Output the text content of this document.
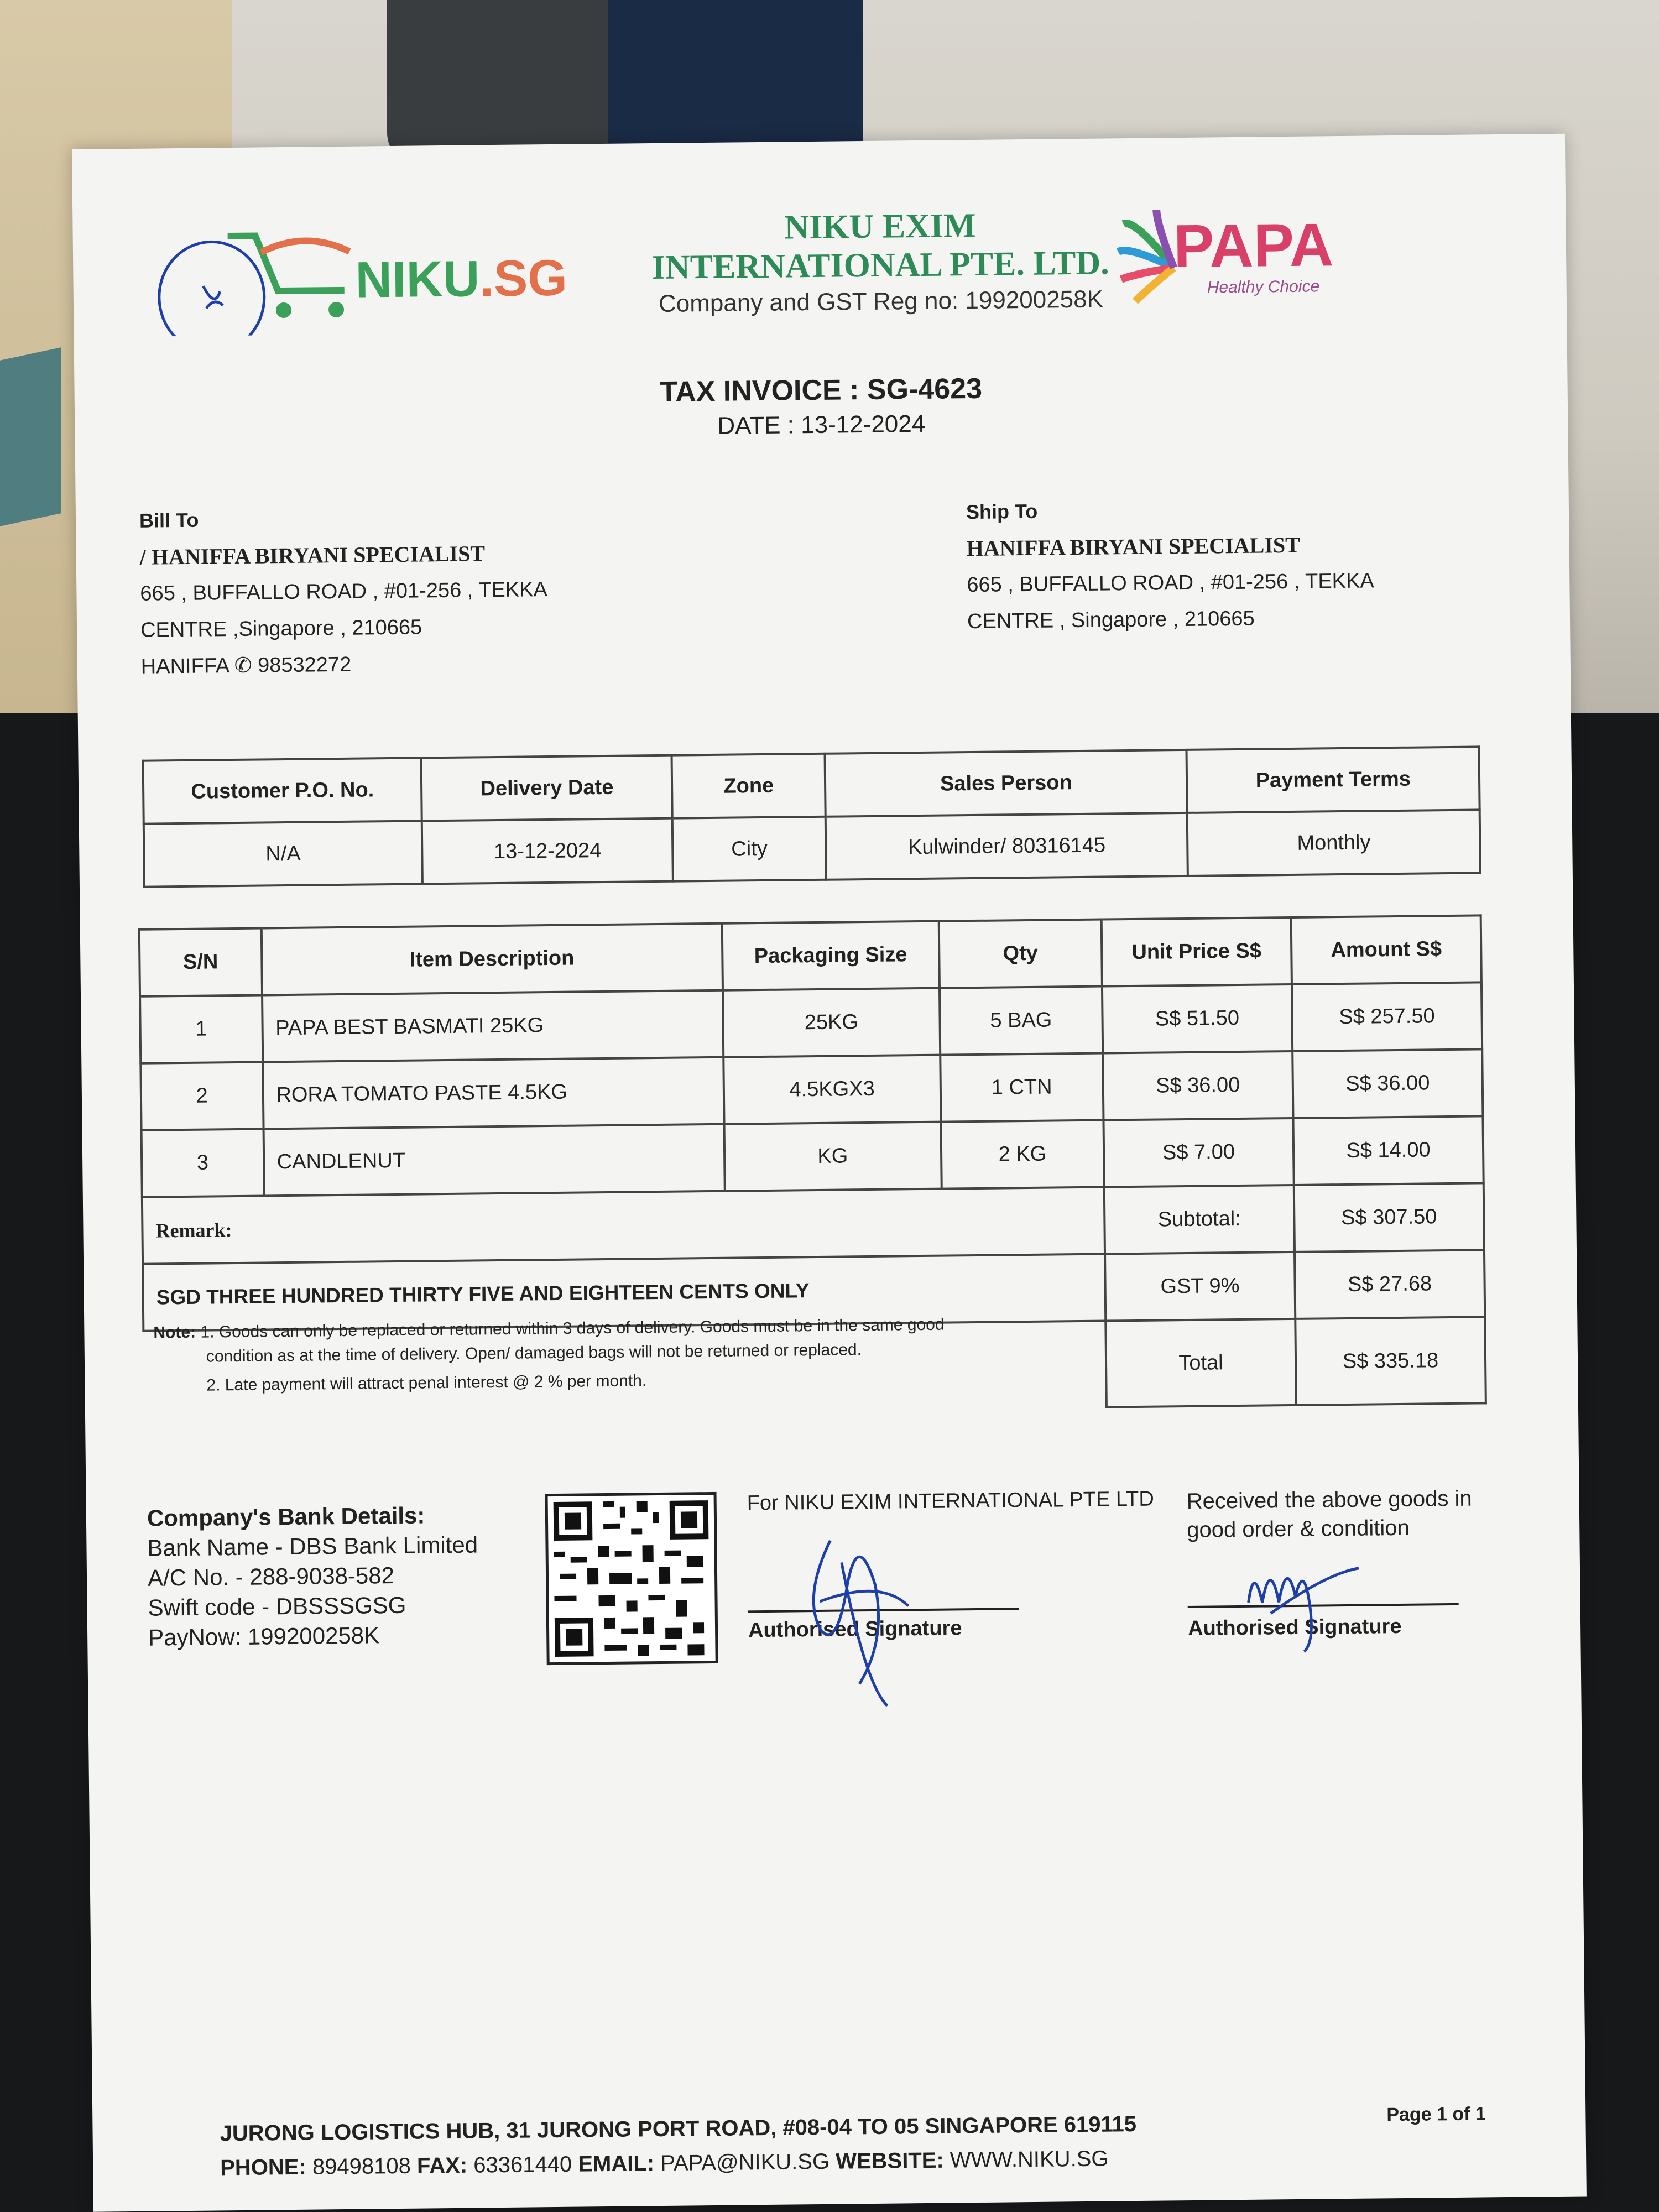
NIKU.SG
NIKU EXIM
INTERNATIONAL PTE. LTD.
Company and GST Reg no: 199200258K
PAPA
Healthy Choice
TAX INVOICE : SG-4623
DATE : 13-12-2024
Bill To
/ HANIFFA BIRYANI SPECIALIST
665 , BUFFALLO ROAD , #01-256 , TEKKA
CENTRE ,Singapore , 210665
HANIFFA ✆ 98532272
Ship To
HANIFFA BIRYANI SPECIALIST
665 , BUFFALLO ROAD , #01-256 , TEKKA
CENTRE , Singapore , 210665
Customer P.O. No.	Delivery Date	Zone	Sales Person	Payment Terms
N/A	13-12-2024	City	Kulwinder/ 80316145	Monthly
S/N	Item Description	Packaging Size	Qty	Unit Price S$	Amount S$
1	PAPA BEST BASMATI 25KG	25KG	5 BAG	S$ 51.50	S$ 257.50
2	RORA TOMATO PASTE 4.5KG	4.5KGX3	1 CTN	S$ 36.00	S$ 36.00
3	CANDLENUT	KG	2 KG	S$ 7.00	S$ 14.00
Remark:				Subtotal:	S$ 307.50
SGD THREE HUNDRED THIRTY FIVE AND EIGHTEEN CENTS ONLY				GST 9%	S$ 27.68
				Total	S$ 335.18
Note: 1. Goods can only be replaced or returned within 3 days of delivery. Goods must be in the same good
condition as at the time of delivery. Open/ damaged bags will not be returned or replaced.
2. Late payment will attract penal interest @ 2 % per month.
Company's Bank Details:
Bank Name - DBS Bank Limited
A/C No. - 288-9038-582
Swift code - DBSSSGSG
PayNow: 199200258K
For NIKU EXIM INTERNATIONAL PTE LTD
Authorised Signature
Received the above goods in
good order & condition
Authorised Signature
JURONG LOGISTICS HUB, 31 JURONG PORT ROAD, #08-04 TO 05 SINGAPORE 619115
PHONE: 89498108 FAX: 63361440 EMAIL: PAPA@NIKU.SG WEBSITE: WWW.NIKU.SG
Page 1 of 1
